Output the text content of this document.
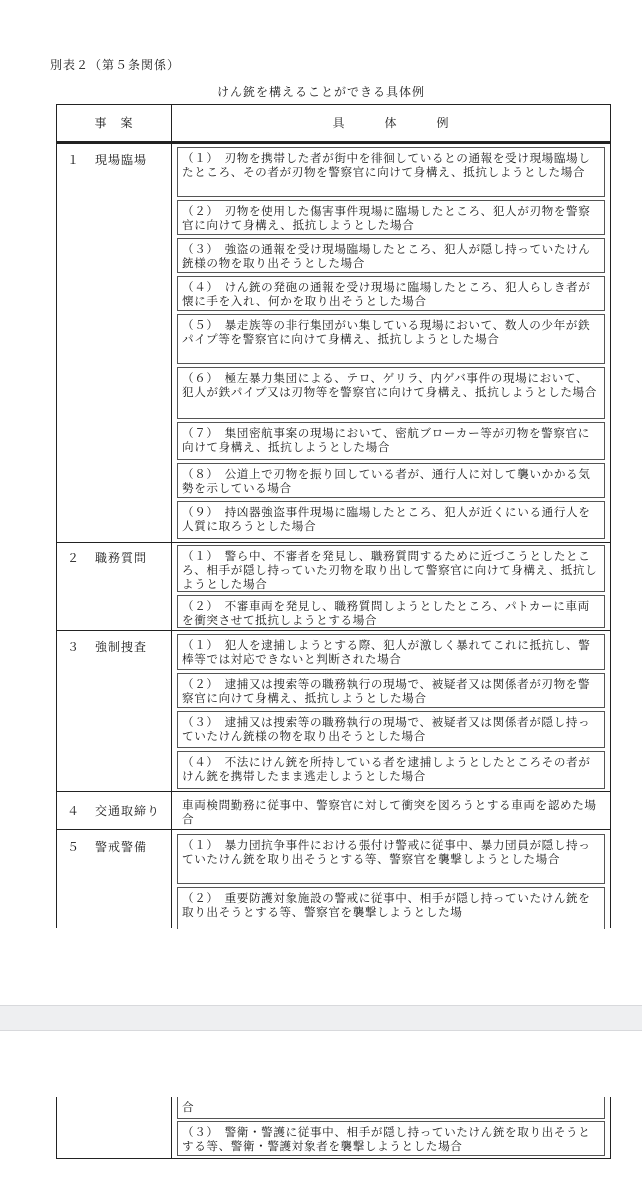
別表２（第５条関係）
けん銃を構えることができる具体例
事　案	具　　　体　　　例
１ 現場臨場
２ 職務質問
３ 強制捜査
４ 交通取締り
５ 警戒警備
（１） 刃物を携帯した者が街中を徘徊しているとの通報を受け現場臨場したところ、その者が刃物を警察官に向けて身構え、抵抗しようとした場合
（２） 刃物を使用した傷害事件現場に臨場したところ、犯人が刃物を警察官に向けて身構え、抵抗しようとした場合
（３） 強盗の通報を受け現場臨場したところ、犯人が隠し持っていたけん銃様の物を取り出そうとした場合
（４） けん銃の発砲の通報を受け現場に臨場したところ、犯人らしき者が懐に手を入れ、何かを取り出そうとした場合
（５） 暴走族等の非行集団がい集している現場において、数人の少年が鉄パイプ等を警察官に向けて身構え、抵抗しようとした場合
（６） 極左暴力集団による、テロ、ゲリラ、内ゲバ事件の現場において、犯人が鉄パイプ又は刃物等を警察官に向けて身構え、抵抗しようとした場合
（７） 集団密航事案の現場において、密航ブローカー等が刃物を警察官に向けて身構え、抵抗しようとした場合
（８） 公道上で刃物を振り回している者が、通行人に対して襲いかかる気勢を示している場合
（９） 持凶器強盗事件現場に臨場したところ、犯人が近くにいる通行人を人質に取ろうとした場合
（１） 警ら中、不審者を発見し、職務質問するために近づこうとしたところ、相手が隠し持っていた刃物を取り出して警察官に向けて身構え、抵抗しようとした場合
（２） 不審車両を発見し、職務質問しようとしたところ、パトカーに車両を衝突させて抵抗しようとする場合
（１） 犯人を逮捕しようとする際、犯人が激しく暴れてこれに抵抗し、警棒等では対応できないと判断された場合
（２） 逮捕又は捜索等の職務執行の現場で、被疑者又は関係者が刃物を警察官に向けて身構え、抵抗しようとした場合
（３） 逮捕又は捜索等の職務執行の現場で、被疑者又は関係者が隠し持っていたけん銃様の物を取り出そうとした場合
（４） 不法にけん銃を所持している者を逮捕しようとしたところその者がけん銃を携帯したまま逃走しようとした場合
車両検問勤務に従事中、警察官に対して衝突を図ろうとする車両を認めた場合
（１） 暴力団抗争事件における張付け警戒に従事中、暴力団員が隠し持っていたけん銃を取り出そうとする等、警察官を襲撃しようとした場合
（２） 重要防護対象施設の警戒に従事中、相手が隠し持っていたけん銃を取り出そうとする等、警察官を襲撃しようとした場
合
（３） 警衛・警護に従事中、相手が隠し持っていたけん銃を取り出そうとする等、警衛・警護対象者を襲撃しようとした場合
